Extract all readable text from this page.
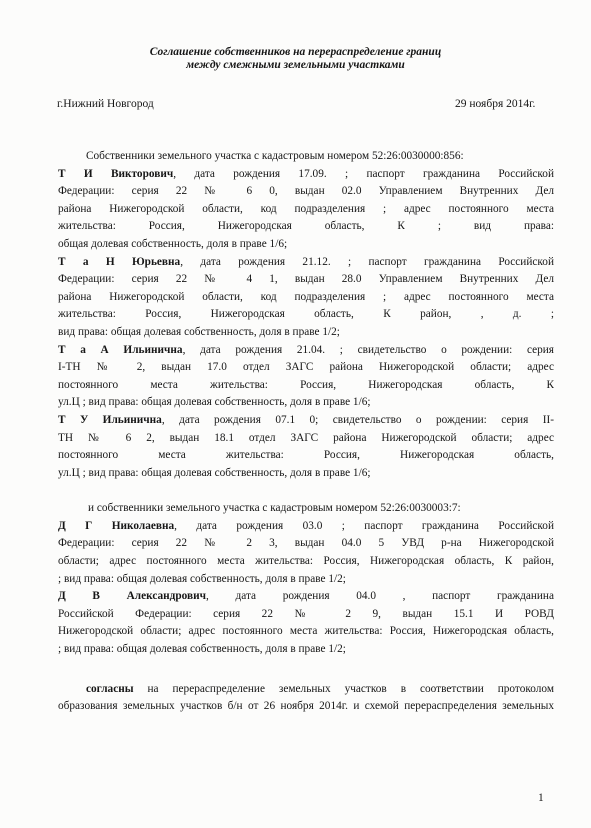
Соглашение собственников на перераспределение границ
между смежными земельными участками
г.Нижний Новгород	29 ноября 2014г.
Собственники земельного участка с кадастровым номером 52:26:0030000:856:
Т И Викторович, дата рождения 17.09. ; паспорт гражданина Российской
Федерации: серия 22 № 6 0, выдан 02.0 Управлением Внутренних Дел
района Нижегородской области, код подразделения ; адрес постоянного места
жительства: Россия, Нижегородская область, К ; вид права:
общая долевая собственность, доля в праве 1/6;
Т а Н Юрьевна, дата рождения 21.12. ; паспорт гражданина Российской
Федерации: серия 22 № 4 1, выдан 28.0 Управлением Внутренних Дел
района Нижегородской области, код подразделения ; адрес постоянного места
жительства: Россия, Нижегородская область, К район, , д. ;
вид права: общая долевая собственность, доля в праве 1/2;
Т а А Ильинична, дата рождения 21.04. ; свидетельство о рождении: серия
I-ТН № 2, выдан 17.0 отдел ЗАГС района Нижегородской области; адрес
постоянного места жительства: Россия, Нижегородская область, К
ул.Ц ; вид права: общая долевая собственность, доля в праве 1/6;
Т У Ильинична, дата рождения 07.1 0; свидетельство о рождении: серия II-
ТН № 6 2, выдан 18.1 отдел ЗАГС района Нижегородской области; адрес
постоянного места жительства: Россия, Нижегородская область,
ул.Ц ; вид права: общая долевая собственность, доля в праве 1/6;
и собственники земельного участка с кадастровым номером 52:26:0030003:7:
Д Г Николаевна, дата рождения 03.0 ; паспорт гражданина Российской
Федерации: серия 22 № 2 3, выдан 04.0 5 УВД р-на Нижегородской
области; адрес постоянного места жительства: Россия, Нижегородская область, К район,
; вид права: общая долевая собственность, доля в праве 1/2;
Д В Александрович, дата рождения 04.0 , паспорт гражданина
Российской Федерации: серия 22 № 2 9, выдан 15.1 И РОВД
Нижегородской области; адрес постоянного места жительства: Россия, Нижегородская область,
; вид права: общая долевая собственность, доля в праве 1/2;
согласны на перераспределение земельных участков в соответствии протоколом
образования земельных участков б/н от 26 ноября 2014г. и схемой перераспределения земельных
1
